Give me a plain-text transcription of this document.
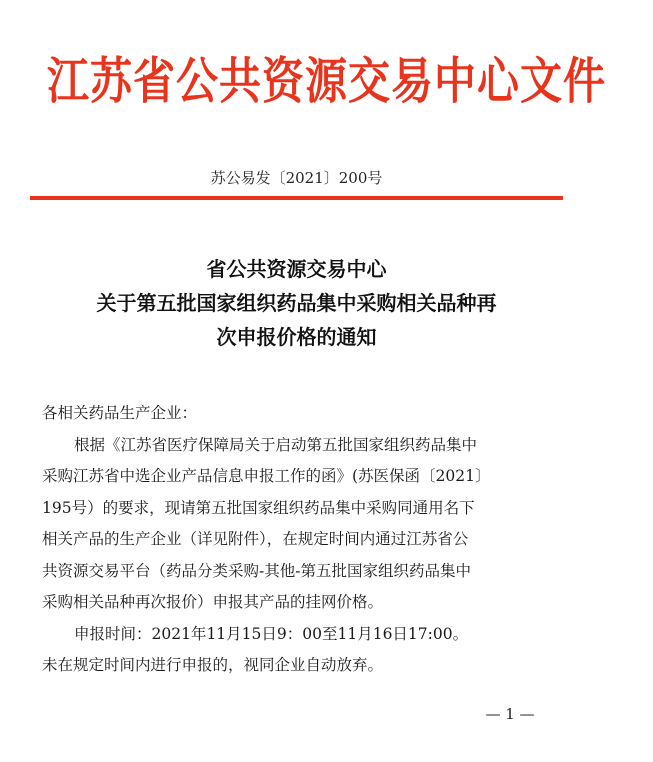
江苏省公共资源交易中心文件
苏公易发〔2021〕200号
省公共资源交易中心
关于第五批国家组织药品集中采购相关品种再
次申报价格的通知
各相关药品生产企业：
根据《江苏省医疗保障局关于启动第五批国家组织药品集中
采购江苏省中选企业产品信息申报工作的函》(苏医保函〔2021〕
195号）的要求，现请第五批国家组织药品集中采购同通用名下
相关产品的生产企业（详见附件），在规定时间内通过江苏省公
共资源交易平台（药品分类采购-其他-第五批国家组织药品集中
采购相关品种再次报价）申报其产品的挂网价格。
申报时间：2021年11月15日9：00至11月16日17:00。
未在规定时间内进行申报的，视同企业自动放弃。
— 1 —
